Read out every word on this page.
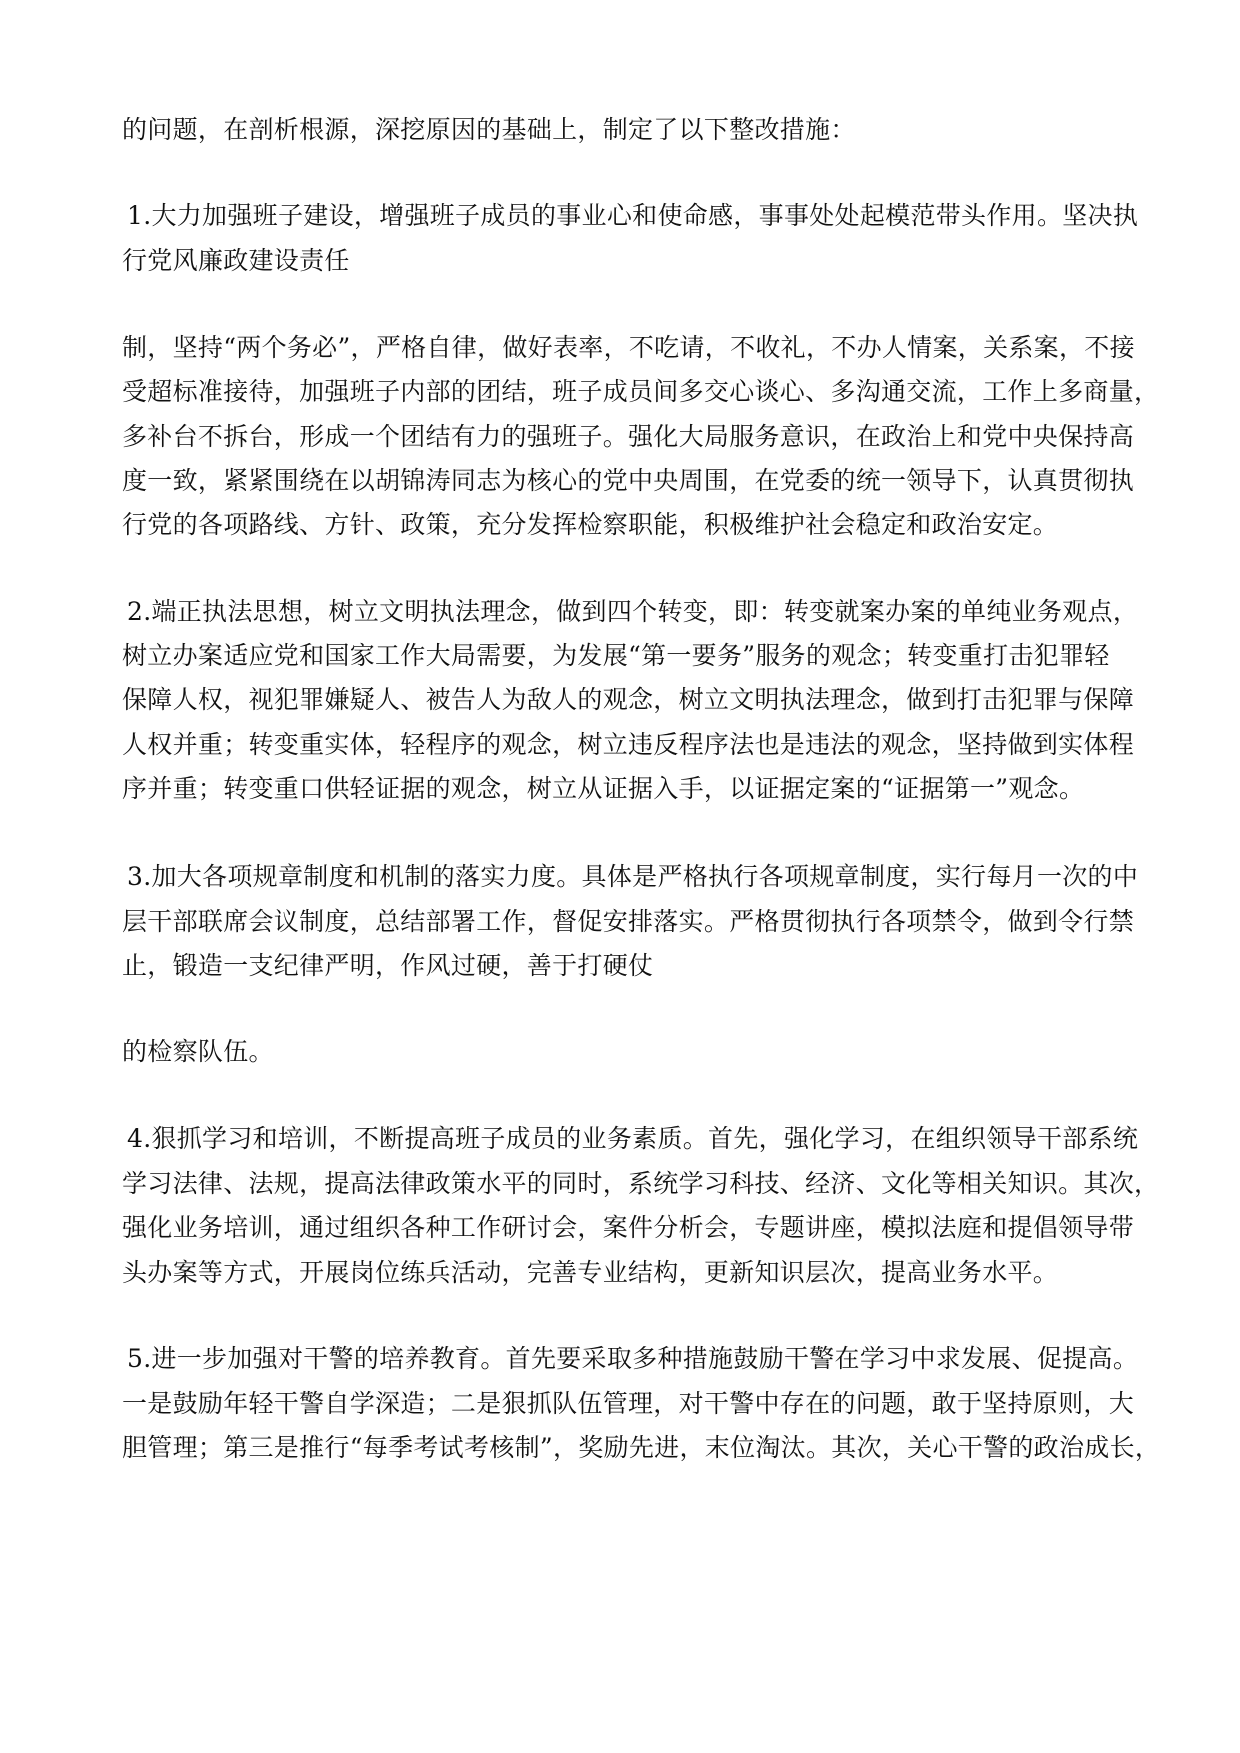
的问题，在剖析根源，深挖原因的基础上，制定了以下整改措施：
1.大力加强班子建设，增强班子成员的事业心和使命感，事事处处起模范带头作用。坚决执
行党风廉政建设责任
制，坚持“两个务必”，严格自律，做好表率，不吃请，不收礼，不办人情案，关系案，不接
受超标准接待，加强班子内部的团结，班子成员间多交心谈心、多沟通交流，工作上多商量，
多补台不拆台，形成一个团结有力的强班子。强化大局服务意识，在政治上和党中央保持高
度一致，紧紧围绕在以胡锦涛同志为核心的党中央周围，在党委的统一领导下，认真贯彻执
行党的各项路线、方针、政策，充分发挥检察职能，积极维护社会稳定和政治安定。
2.端正执法思想，树立文明执法理念，做到四个转变，即：转变就案办案的单纯业务观点，
树立办案适应党和国家工作大局需要，为发展“第一要务”服务的观念；转变重打击犯罪轻
保障人权，视犯罪嫌疑人、被告人为敌人的观念，树立文明执法理念，做到打击犯罪与保障
人权并重；转变重实体，轻程序的观念，树立违反程序法也是违法的观念，坚持做到实体程
序并重；转变重口供轻证据的观念，树立从证据入手，以证据定案的“证据第一”观念。
3.加大各项规章制度和机制的落实力度。具体是严格执行各项规章制度，实行每月一次的中
层干部联席会议制度，总结部署工作，督促安排落实。严格贯彻执行各项禁令，做到令行禁
止，锻造一支纪律严明，作风过硬，善于打硬仗
的检察队伍。
4.狠抓学习和培训，不断提高班子成员的业务素质。首先，强化学习，在组织领导干部系统
学习法律、法规，提高法律政策水平的同时，系统学习科技、经济、文化等相关知识。其次，
强化业务培训，通过组织各种工作研讨会，案件分析会，专题讲座，模拟法庭和提倡领导带
头办案等方式，开展岗位练兵活动，完善专业结构，更新知识层次，提高业务水平。
5.进一步加强对干警的培养教育。首先要采取多种措施鼓励干警在学习中求发展、促提高。
一是鼓励年轻干警自学深造；二是狠抓队伍管理，对干警中存在的问题，敢于坚持原则，大
胆管理；第三是推行“每季考试考核制”，奖励先进，末位淘汰。其次，关心干警的政治成长，
